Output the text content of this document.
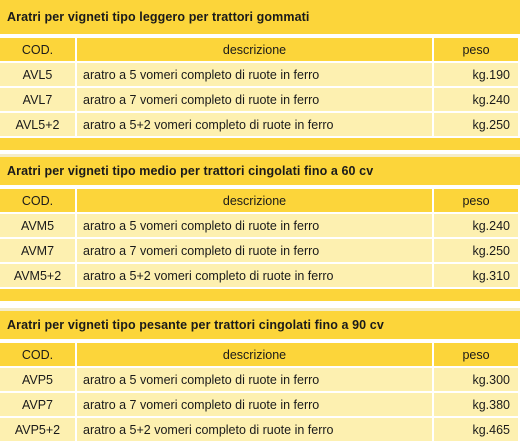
Aratri per vigneti tipo leggero per trattori gommati
COD.	descrizione	peso
AVL5	aratro a 5 vomeri completo di ruote in ferro	kg.190
AVL7	aratro a 7 vomeri completo di ruote in ferro	kg.240
AVL5+2	aratro a 5+2 vomeri completo di ruote in ferro	kg.250
Aratri per vigneti tipo medio per trattori cingolati fino a 60 cv
COD.	descrizione	peso
AVM5	aratro a 5 vomeri completo di ruote in ferro	kg.240
AVM7	aratro a 7 vomeri completo di ruote in ferro	kg.250
AVM5+2	aratro a 5+2 vomeri completo di ruote in ferro	kg.310
Aratri per vigneti tipo pesante per trattori cingolati fino a 90 cv
COD.	descrizione	peso
AVP5	aratro a 5 vomeri completo di ruote in ferro	kg.300
AVP7	aratro a 7 vomeri completo di ruote in ferro	kg.380
AVP5+2	aratro a 5+2 vomeri completo di ruote in ferro	kg.465
